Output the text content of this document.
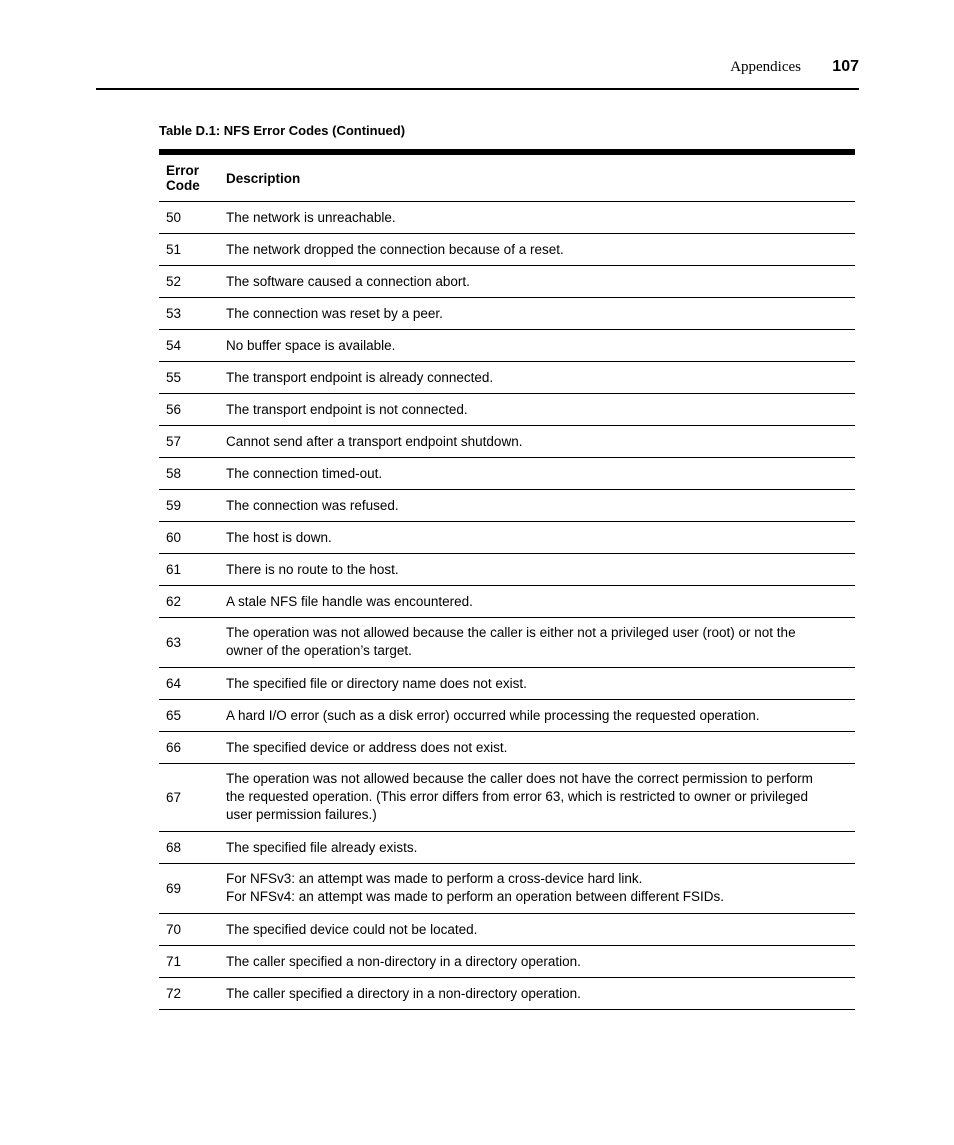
Appendices 107
Table D.1: NFS Error Codes (Continued)
Error
Code	Description
50	The network is unreachable.

51	The network dropped the connection because of a reset.

52	The software caused a connection abort.

53	The connection was reset by a peer.

54	No buffer space is available.

55	The transport endpoint is already connected.

56	The transport endpoint is not connected.

57	Cannot send after a transport endpoint shutdown.

58	The connection timed-out.

59	The connection was refused.

60	The host is down.

61	There is no route to the host.

62	A stale NFS file handle was encountered.

63	The operation was not allowed because the caller is either not a privileged user (root) or not the
owner of the operation’s target.

64	The specified file or directory name does not exist.

65	A hard I/O error (such as a disk error) occurred while processing the requested operation.

66	The specified device or address does not exist.

67	The operation was not allowed because the caller does not have the correct permission to perform
the requested operation. (This error differs from error 63, which is restricted to owner or privileged
user permission failures.)

68	The specified file already exists.

69	For NFSv3: an attempt was made to perform a cross-device hard link.
For NFSv4: an attempt was made to perform an operation between different FSIDs.

70	The specified device could not be located.

71	The caller specified a non-directory in a directory operation.

72	The caller specified a directory in a non-directory operation.
